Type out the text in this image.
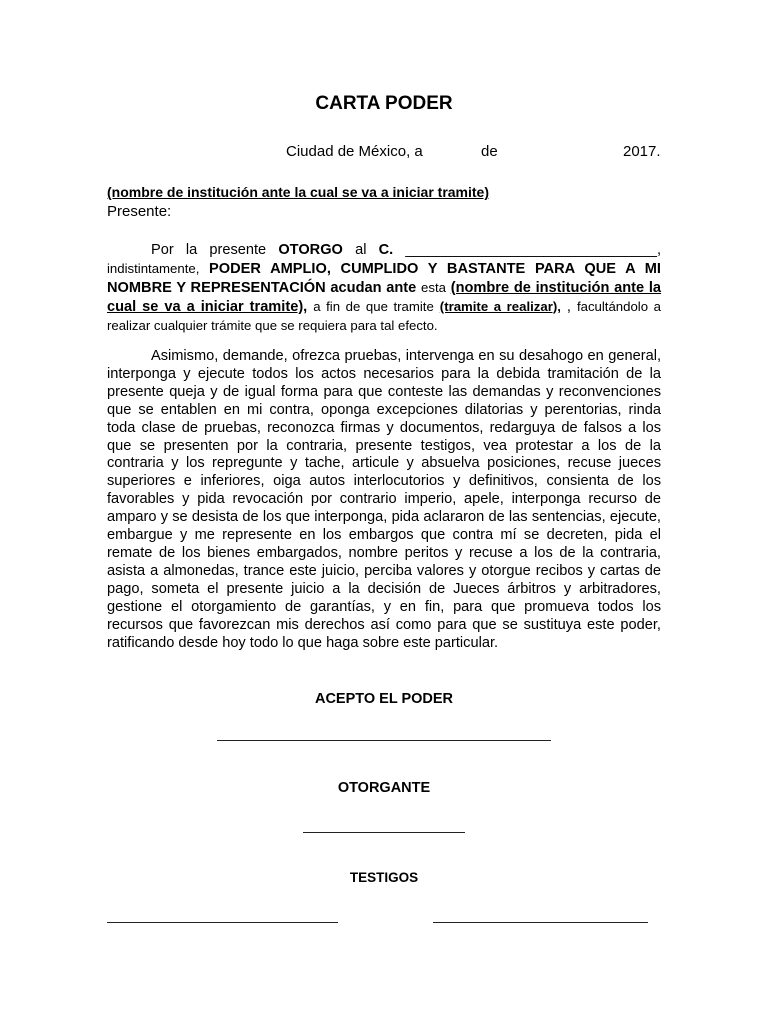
CARTA PODER
Ciudad de México, a	de	2017.
(nombre de institución ante la cual se va a iniciar tramite)
Presente:

Por la presente OTORGO al C. _______________________________, indistintamente, PODER AMPLIO, CUMPLIDO Y BASTANTE PARA QUE A MI NOMBRE Y REPRESENTACIÓN acudan ante esta (nombre de institución ante la cual se va a iniciar tramite), a fin de que tramite (tramite a realizar), , facultándolo a realizar cualquier trámite que se requiera para tal efecto.

Asimismo, demande, ofrezca pruebas, intervenga en su desahogo en general, interponga y ejecute todos los actos necesarios para la debida tramitación de la presente queja y de igual forma para que conteste las demandas y reconvenciones que se entablen en mi contra, oponga excepciones dilatorias y perentorias, rinda toda clase de pruebas, reconozca firmas y documentos, redarguya de falsos a los que se presenten por la contraria, presente testigos, vea protestar a los de la contraria y los repregunte y tache, articule y absuelva posiciones, recuse jueces superiores e inferiores, oiga autos interlocutorios y definitivos, consienta de los favorables y pida revocación por contrario imperio, apele, interponga recurso de amparo y se desista de los que interponga, pida aclararon de las sentencias, ejecute, embargue y me represente en los embargos que contra mí se decreten, pida el remate de los bienes embargados, nombre peritos y recuse a los de la contraria, asista a almonedas, trance este juicio, perciba valores y otorgue recibos y cartas de pago, someta el presente juicio a la decisión de Jueces árbitros y arbitradores, gestione el otorgamiento de garantías, y en fin, para que promueva todos los recursos que favorezcan mis derechos así como para que se sustituya este poder, ratificando desde hoy todo lo que haga sobre este particular.

ACEPTO EL PODER
OTORGANTE
TESTIGOS
